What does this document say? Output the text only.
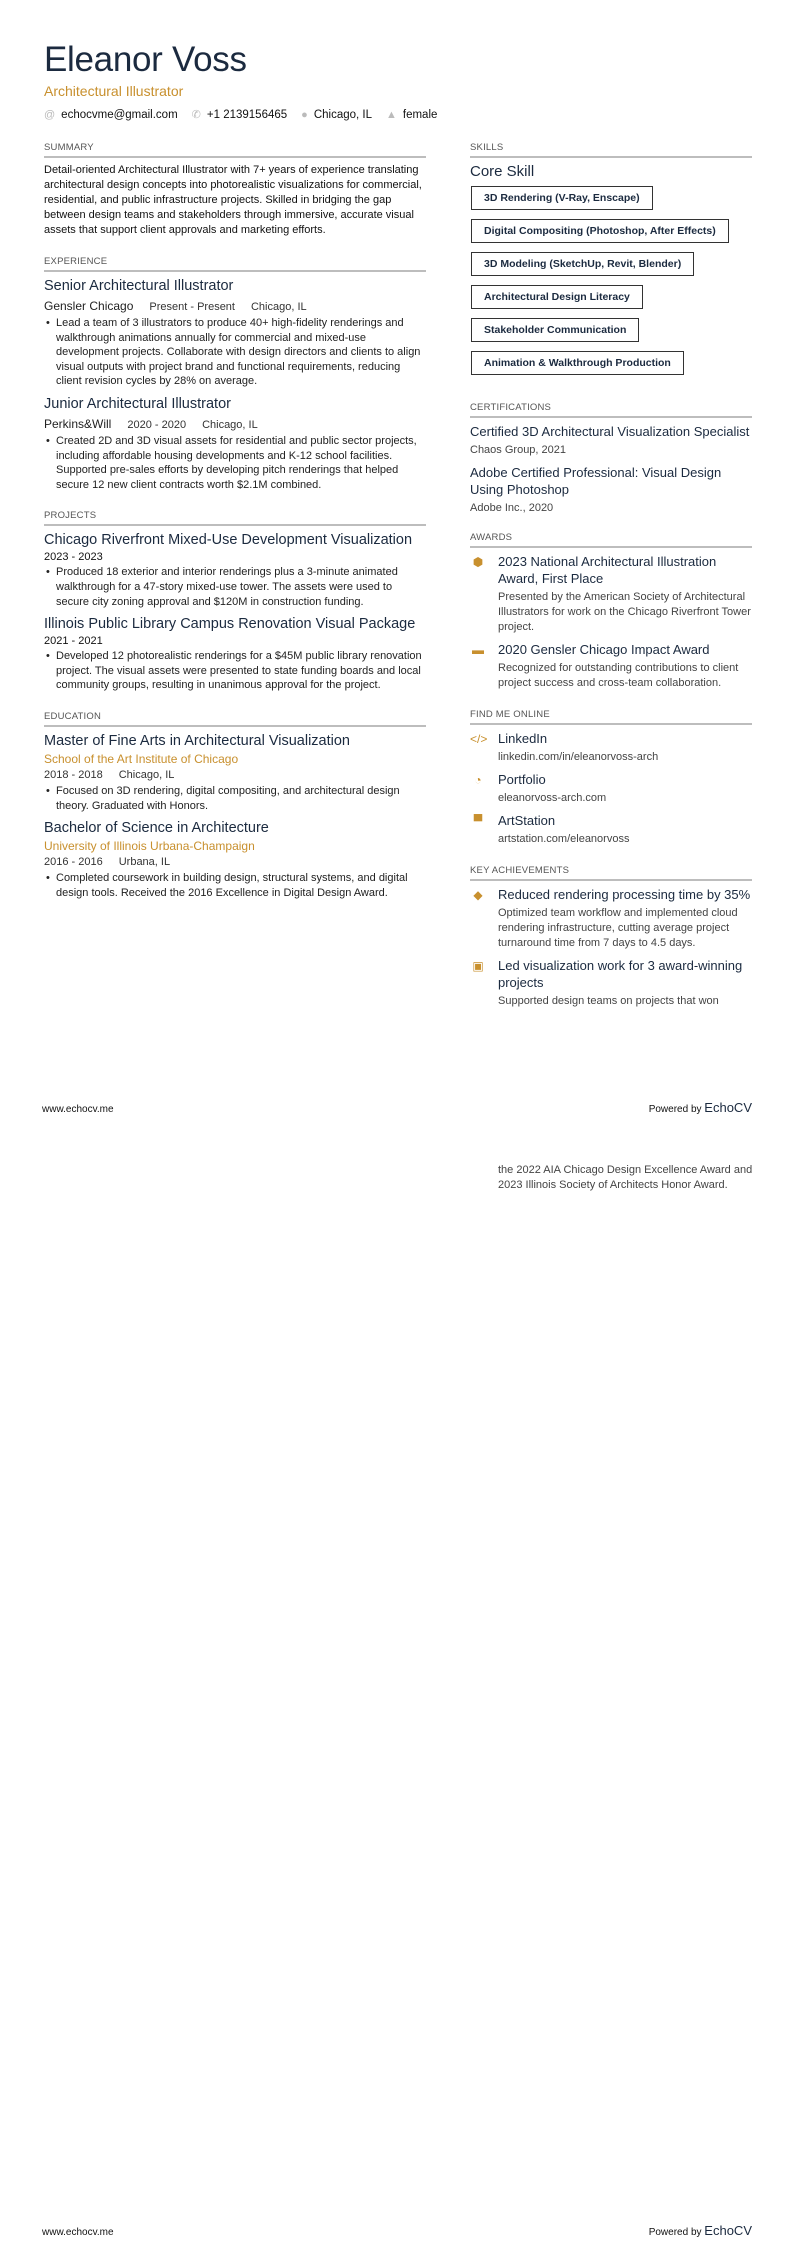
Eleanor Voss
Architectural Illustrator
@ echocvme@gmail.com ✆ +1 2139156465 ● Chicago, IL ▲ female
SUMMARY
Detail-oriented Architectural Illustrator with 7+ years of experience translating architectural design concepts into photorealistic visualizations for commercial, residential, and public infrastructure projects. Skilled in bridging the gap between design teams and stakeholders through immersive, accurate visual assets that support client approvals and marketing efforts.
EXPERIENCE
Senior Architectural Illustrator
Gensler Chicago Present - Present Chicago, IL
• Lead a team of 3 illustrators to produce 40+ high-fidelity renderings and walkthrough animations annually for commercial and mixed-use development projects. Collaborate with design directors and clients to align visual outputs with project brand and functional requirements, reducing client revision cycles by 28% on average.
Junior Architectural Illustrator
Perkins&Will 2020 - 2020 Chicago, IL
• Created 2D and 3D visual assets for residential and public sector projects, including affordable housing developments and K-12 school facilities. Supported pre-sales efforts by developing pitch renderings that helped secure 12 new client contracts worth $2.1M combined.
PROJECTS
Chicago Riverfront Mixed-Use Development Visualization
2023 - 2023
• Produced 18 exterior and interior renderings plus a 3-minute animated walkthrough for a 47-story mixed-use tower. The assets were used to secure city zoning approval and $120M in construction funding.
Illinois Public Library Campus Renovation Visual Package
2021 - 2021
• Developed 12 photorealistic renderings for a $45M public library renovation project. The visual assets were presented to state funding boards and local community groups, resulting in unanimous approval for the project.
EDUCATION
Master of Fine Arts in Architectural Visualization
School of the Art Institute of Chicago
2018 - 2018 Chicago, IL
• Focused on 3D rendering, digital compositing, and architectural design theory. Graduated with Honors.
Bachelor of Science in Architecture
University of Illinois Urbana-Champaign
2016 - 2016 Urbana, IL
• Completed coursework in building design, structural systems, and digital design tools. Received the 2016 Excellence in Digital Design Award.
SKILLS
Core Skill
3D Rendering (V-Ray, Enscape)
Digital Compositing (Photoshop, After Effects)
3D Modeling (SketchUp, Revit, Blender)
Architectural Design Literacy
Stakeholder Communication
Animation & Walkthrough Production
CERTIFICATIONS
Certified 3D Architectural Visualization Specialist
Chaos Group, 2021
Adobe Certified Professional: Visual Design Using Photoshop
Adobe Inc., 2020
AWARDS
⬢ 2023 National Architectural Illustration Award, First Place
Presented by the American Society of Architectural Illustrators for work on the Chicago Riverfront Tower project.
▬ 2020 Gensler Chicago Impact Award
Recognized for outstanding contributions to client project success and cross-team collaboration.
FIND ME ONLINE
</> LinkedIn
linkedin.com/in/eleanorvoss-arch
◔	Portfolio
eleanorvoss-arch.com
▀ ArtStation
artstation.com/eleanorvoss
KEY ACHIEVEMENTS
◆ Reduced rendering processing time by 35%
Optimized team workflow and implemented cloud rendering infrastructure, cutting average project turnaround time from 7 days to 4.5 days.
▣ Led visualization work for 3 award-winning projects
Supported design teams on projects that won
www.echocv.me	Powered by EchoCV
the 2022 AIA Chicago Design Excellence Award and 2023 Illinois Society of Architects Honor Award.
www.echocv.me	Powered by EchoCV
